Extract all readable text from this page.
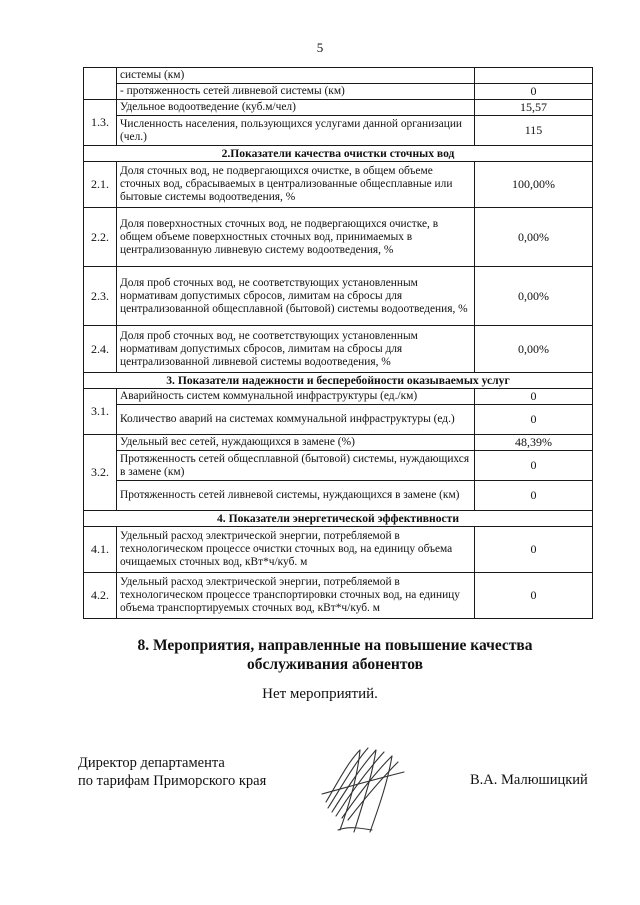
5
	системы (км)	
	- протяженность сетей ливневой системы (км)	0
1.3.	Удельное водоотведение (куб.м/чел)	15,57
	Численность населения, пользующихся услугами данной организации (чел.)	115
2.Показатели качества очистки сточных вод		
2.1.	Доля сточных вод, не подвергающихся очистке, в общем объеме сточных вод, сбрасываемых в централизованные общесплавные или бытовые системы водоотведения, %	100,00%
2.2.	Доля поверхностных сточных вод, не подвергающихся очистке, в общем объеме поверхностных сточных вод, принимаемых в централизованную ливневую систему водоотведения, %	0,00%
2.3.	Доля проб сточных вод, не соответствующих установленным нормативам допустимых сбросов, лимитам на сбросы для централизованной общесплавной (бытовой) системы водоотведения, %	0,00%
2.4.	Доля проб сточных вод, не соответствующих установленным нормативам допустимых сбросов, лимитам на сбросы для централизованной ливневой системы водоотведения, %	0,00%
3. Показатели надежности и бесперебойности оказываемых услуг		
3.1.	Аварийность систем коммунальной инфраструктуры (ед./км)	0
	Количество аварий на системах коммунальной инфраструктуры (ед.)	0
3.2.	Удельный вес сетей, нуждающихся в замене (%)	48,39%
	Протяженность сетей общесплавной (бытовой) системы, нуждающихся в замене (км)	0
	Протяженность сетей ливневой системы, нуждающихся в замене (км)	0
4. Показатели энергетической эффективности		
4.1.	Удельный расход электрической энергии, потребляемой в технологическом процессе очистки сточных вод, на единицу объема очищаемых сточных вод, кВт*ч/куб. м	0
4.2.	Удельный расход электрической энергии, потребляемой в технологическом процессе транспортировки сточных вод, на единицу объема транспортируемых сточных вод, кВт*ч/куб. м	0
8. Мероприятия, направленные на повышение качества обслуживания абонентов
Нет мероприятий.
Директор департамента
по тарифам Приморского края	В.А. Малюшицкий
